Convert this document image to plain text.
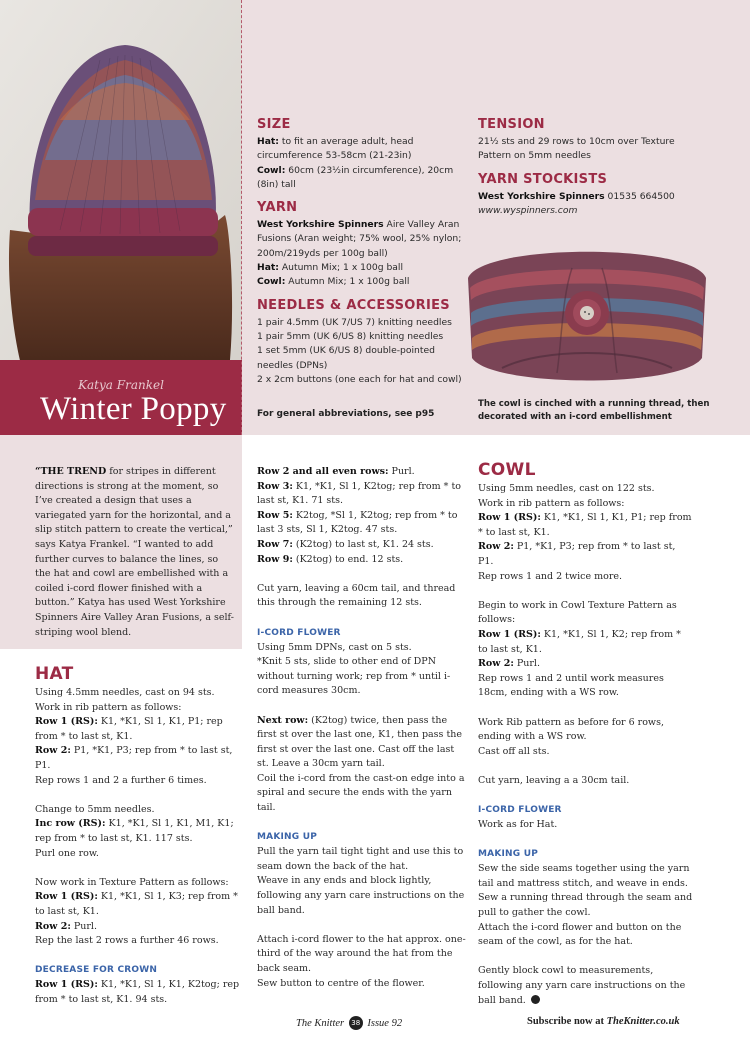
Katya Frankel
Winter Poppy
SIZE
Hat: to fit an average adult, head circumference 53-58cm (21-23in)
Cowl: 60cm (23½in circumference), 20cm (8in) tall
YARN
West Yorkshire Spinners Aire Valley Aran Fusions (Aran weight; 75% wool, 25% nylon; 200m/219yds per 100g ball)
Hat: Autumn Mix; 1 x 100g ball
Cowl: Autumn Mix; 1 x 100g ball
NEEDLES & ACCESSORIES
1 pair 4.5mm (UK 7/US 7) knitting needles
1 pair 5mm (UK 6/US 8) knitting needles
1 set 5mm (UK 6/US 8) double-pointed needles (DPNs)
2 x 2cm buttons (one each for hat and cowl)
For general abbreviations, see p95
TENSION
21½ sts and 29 rows to 10cm over Texture Pattern on 5mm needles
YARN STOCKISTS
West Yorkshire Spinners 01535 664500
www.wyspinners.com
The cowl is cinched with a running thread, then decorated with an i-cord embellishment
“THE TREND for stripes in different directions is strong at the moment, so I’ve created a design that uses a variegated yarn for the horizontal, and a slip stitch pattern to create the vertical,” says Katya Frankel. “I wanted to add further curves to balance the lines, so the hat and cowl are embellished with a coiled i-cord flower finished with a button.” Katya has used West Yorkshire Spinners Aire Valley Aran Fusions, a self-striping wool blend.
HAT

Using 4.5mm needles, cast on 94 sts.

Work in rib pattern as follows:

Row 1 (RS): K1, *K1, Sl 1, K1, P1; rep from * to last st, K1.

Row 2: P1, *K1, P3; rep from * to last st, P1.

Rep rows 1 and 2 a further 6 times.

Change to 5mm needles.

Inc row (RS): K1, *K1, Sl 1, K1, M1, K1; rep from * to last st, K1. 117 sts.

Purl one row.

Now work in Texture Pattern as follows:

Row 1 (RS): K1, *K1, Sl 1, K3; rep from * to last st, K1.

Row 2: Purl.

Rep the last 2 rows a further 46 rows.

DECREASE FOR CROWN

Row 1 (RS): K1, *K1, Sl 1, K1, K2tog; rep from * to last st, K1. 94 sts.

Row 2 and all even rows: Purl.

Row 3: K1, *K1, Sl 1, K2tog; rep from * to last st, K1. 71 sts.

Row 5: K2tog, *Sl 1, K2tog; rep from * to last 3 sts, Sl 1, K2tog. 47 sts.

Row 7: (K2tog) to last st, K1. 24 sts.

Row 9: (K2tog) to end. 12 sts.

Cut yarn, leaving a 60cm tail, and thread this through the remaining 12 sts.

I-CORD FLOWER

Using 5mm DPNs, cast on 5 sts.

*Knit 5 sts, slide to other end of DPN without turning work; rep from * until i-cord measures 30cm.

Next row: (K2tog) twice, then pass the first st over the last one, K1, then pass the first st over the last one. Cast off the last st. Leave a 30cm yarn tail.

Coil the i-cord from the cast-on edge into a spiral and secure the ends with the yarn tail.

MAKING UP

Pull the yarn tail tight tight and use this to seam down the back of the hat.

Weave in any ends and block lightly, following any yarn care instructions on the ball band.

Attach i-cord flower to the hat approx. one-third of the way around the hat from the back seam.

Sew button to centre of the flower.

COWL

Using 5mm needles, cast on 122 sts.

Work in rib pattern as follows:

Row 1 (RS): K1, *K1, Sl 1, K1, P1; rep from * to last st, K1.

Row 2: P1, *K1, P3; rep from * to last st, P1.

Rep rows 1 and 2 twice more.

Begin to work in Cowl Texture Pattern as follows:

Row 1 (RS): K1, *K1, Sl 1, K2; rep from * to last st, K1.

Row 2: Purl.

Rep rows 1 and 2 until work measures 18cm, ending with a WS row.

Work Rib pattern as before for 6 rows, ending with a WS row.

Cast off all sts.

Cut yarn, leaving a a 30cm tail.

I-CORD FLOWER

Work as for Hat.

MAKING UP

Sew the side seams together using the yarn tail and mattress stitch, and weave in ends.

Sew a running thread through the seam and pull to gather the cowl.

Attach the i-cord flower and button on the seam of the cowl, as for the hat.

Gently block cowl to measurements, following any yarn care instructions on the ball band.

The Knitter 38 Issue 92	Subscribe now at TheKnitter.co.uk
